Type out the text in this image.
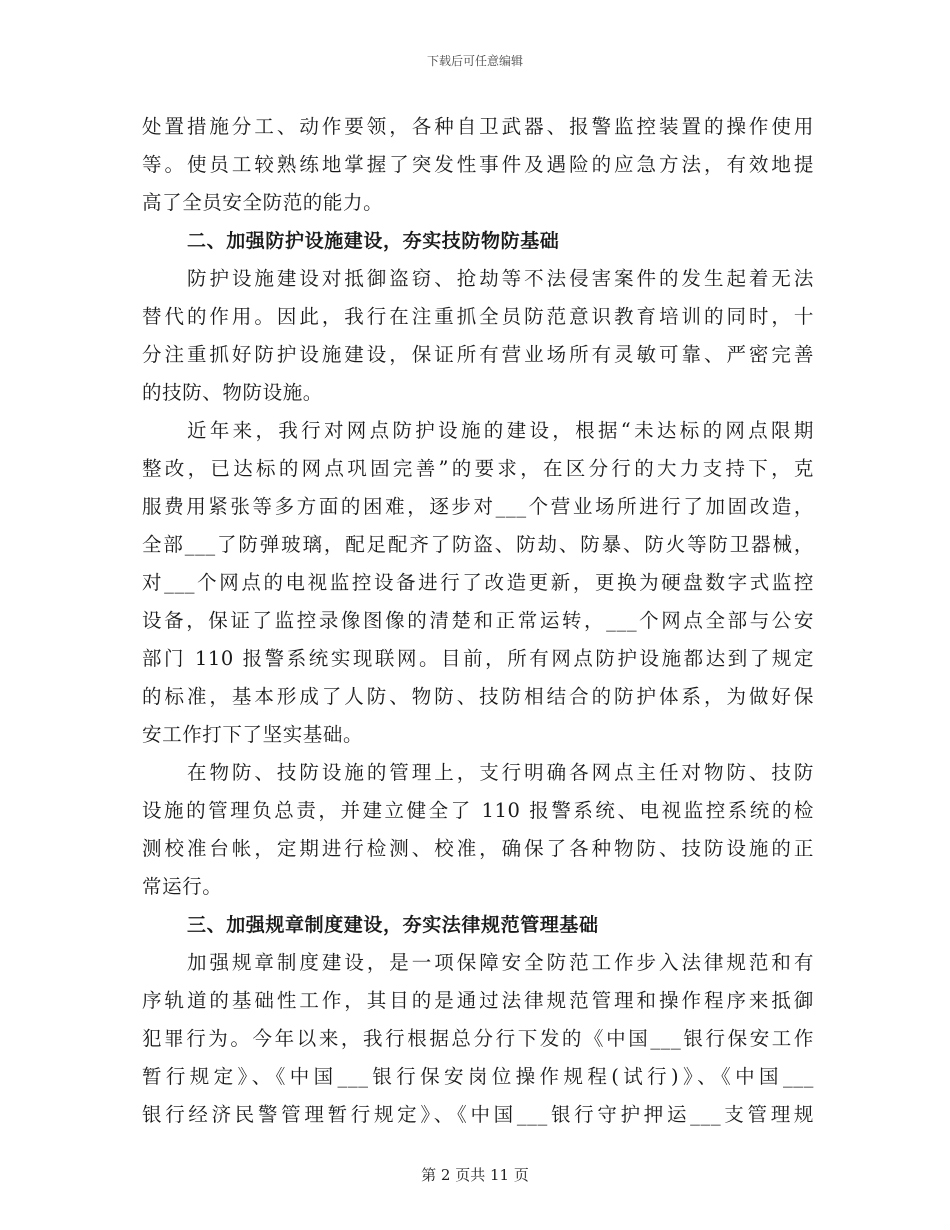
下载后可任意编辑
处置措施分工、动作要领，各种自卫武器、报警监控装置的操作使用
等。使员工较熟练地掌握了突发性事件及遇险的应急方法，有效地提
高了全员安全防范的能力。
二、加强防护设施建设，夯实技防物防基础
防护设施建设对抵御盗窃、抢劫等不法侵害案件的发生起着无法
替代的作用。因此，我行在注重抓全员防范意识教育培训的同时，十
分注重抓好防护设施建设，保证所有营业场所有灵敏可靠、严密完善
的技防、物防设施。
近年来，我行对网点防护设施的建设，根据“未达标的网点限期
整改，已达标的网点巩固完善”的要求，在区分行的大力支持下，克
服费用紧张等多方面的困难，逐步对___个营业场所进行了加固改造，
全部___了防弹玻璃，配足配齐了防盗、防劫、防暴、防火等防卫器械，
对___个网点的电视监控设备进行了改造更新，更换为硬盘数字式监控
设备，保证了监控录像图像的清楚和正常运转，___个网点全部与公安
部门 110 报警系统实现联网。目前，所有网点防护设施都达到了规定
的标准，基本形成了人防、物防、技防相结合的防护体系，为做好保
安工作打下了坚实基础。
在物防、技防设施的管理上，支行明确各网点主任对物防、技防
设施的管理负总责，并建立健全了 110 报警系统、电视监控系统的检
测校准台帐，定期进行检测、校准，确保了各种物防、技防设施的正
常运行。
三、加强规章制度建设，夯实法律规范管理基础
加强规章制度建设，是一项保障安全防范工作步入法律规范和有
序轨道的基础性工作，其目的是通过法律规范管理和操作程序来抵御
犯罪行为。今年以来，我行根据总分行下发的《中国___银行保安工作
暂行规定》、《中国___银行保安岗位操作规程(试行)》、《中国___
银行经济民警管理暂行规定》、《中国___银行守护押运___支管理规
第 2 页共 11 页
